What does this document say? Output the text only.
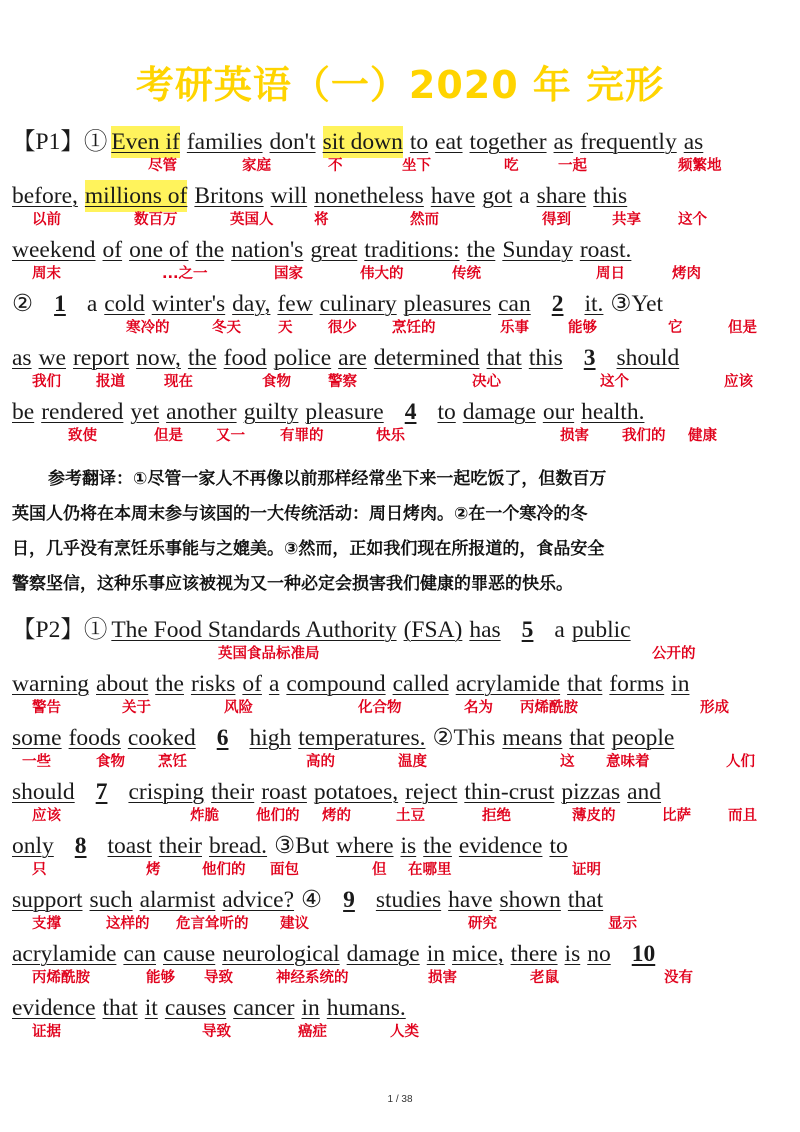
考研英语（一）2020 年 完形
【P1】① Even if families don't sit down to eat together as frequently as
尽管	家庭	不	坐下	吃	一起	频繁地
before, millions of Britons will nonetheless have got a share this
以前	数百万	英国人	将	然而	得到	共享	这个
weekend of one of the nation's great traditions: the Sunday roast.
周末	...之一	国家	伟大的	传统	周日	烤肉
② 1 a cold winter's day, few culinary pleasures can 2 it. ③Yet
寒冷的	冬天	天 很少 烹饪的	乐事	能够	它	但是
as we report now, the food police are determined that this 3 should
我们 报道	现在	食物	警察	决心	这个	应该
be rendered yet another guilty pleasure 4 to damage our health.
致使	但是 又一 有罪的	快乐	损害 我们的 健康
参考翻译：①尽管一家人不再像以前那样经常坐下来一起吃饭了，但数百万
英国人仍将在本周末参与该国的一大传统活动：周日烤肉。②在一个寒冷的冬
日，几乎没有烹饪乐事能与之媲美。③然而，正如我们现在所报道的，食品安全
警察坚信，这种乐事应该被视为又一种必定会损害我们健康的罪恶的快乐。
【P2】① The Food Standards Authority (FSA) has 5 a public
英国食品标准局	公开的
warning about the risks of a compound called acrylamide that forms in
警告	关于	风险	化合物	名为 丙烯酰胺	形成
some foods cooked 6 high temperatures. ②This means that people
一些	食物 烹饪	高的	温度	这 意味着	人们
should 7 crisping their roast potatoes, reject thin-crust pizzas and
应该	炸脆	他们的 烤的	土豆	拒绝	薄皮的	比萨	而且
only 8 toast their bread. ③But where is the evidence to
只	烤	他们的 面包	但 在哪里	证明
support such alarmist advice? ④ 9 studies have shown that
支撑	这样的 危言耸听的 建议	研究	显示
acrylamide can cause neurological damage in mice, there is no 10
丙烯酰胺	能够 导致	神经系统的	损害	老鼠	没有
evidence that it causes cancer in humans.
证据	导致	癌症	人类
1 / 38
